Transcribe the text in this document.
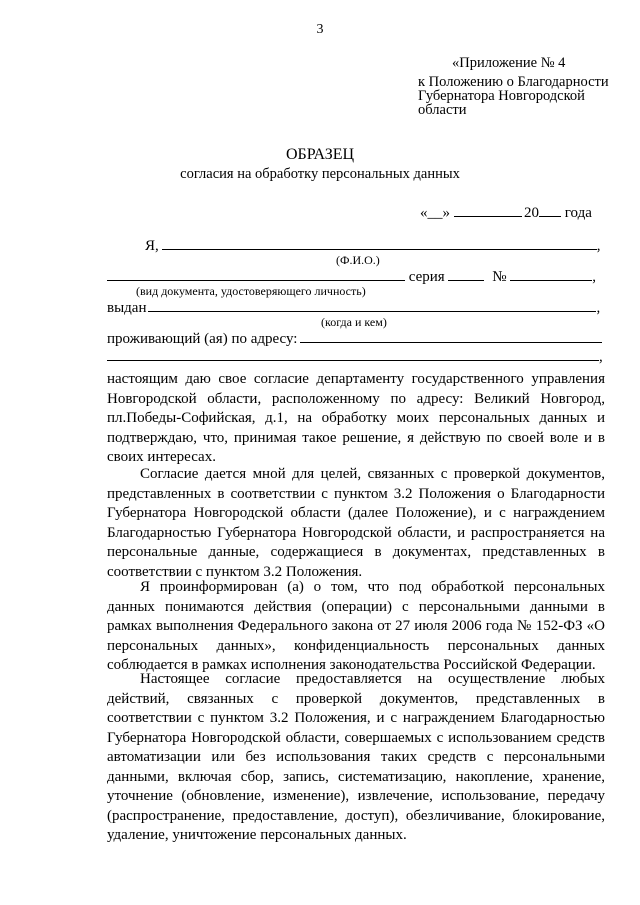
3
«Приложение № 4
к Положению о Благодарности
Губернатора Новгородской
области
ОБРАЗЕЦ
согласия на обработку персональных данных
«__»	20 года
Я,	,
(Ф.И.О.)
серия	№	,
(вид документа, удостоверяющего личность)
выдан	,
(когда и кем)
проживающий (ая) по адресу:
,
настоящим даю свое согласие департаменту государственного управления Новгородской области, расположенному по адресу: Великий Новгород, пл.Победы-Софийская, д.1, на обработку моих персональных данных и подтверждаю, что, принимая такое решение, я действую по своей воле и в своих интересах.
Согласие дается мной для целей, связанных с проверкой документов, представленных в соответствии с пунктом 3.2 Положения о Благодарности Губернатора Новгородской области (далее Положение), и с награждением Благодарностью Губернатора Новгородской области, и распространяется на персональные данные, содержащиеся в документах, представленных в соответствии с пунктом 3.2 Положения.
Я проинформирован (а) о том, что под обработкой персональных данных понимаются действия (операции) с персональными данными в рамках выполнения Федерального закона от 27 июля 2006 года № 152-ФЗ «О персональных данных», конфиденциальность персональных данных соблюдается в рамках исполнения законодательства Российской Федерации.
Настоящее согласие предоставляется на осуществление любых действий, связанных с проверкой документов, представленных в соответствии с пунктом 3.2 Положения, и с награждением Благодарностью Губернатора Новгородской области, совершаемых с использованием средств автоматизации или без использования таких средств с персональными данными, включая сбор, запись, систематизацию, накопление, хранение, уточнение (обновление, изменение), извлечение, использование, передачу (распространение, предоставление, доступ), обезличивание, блокирование, удаление, уничтожение персональных данных.
